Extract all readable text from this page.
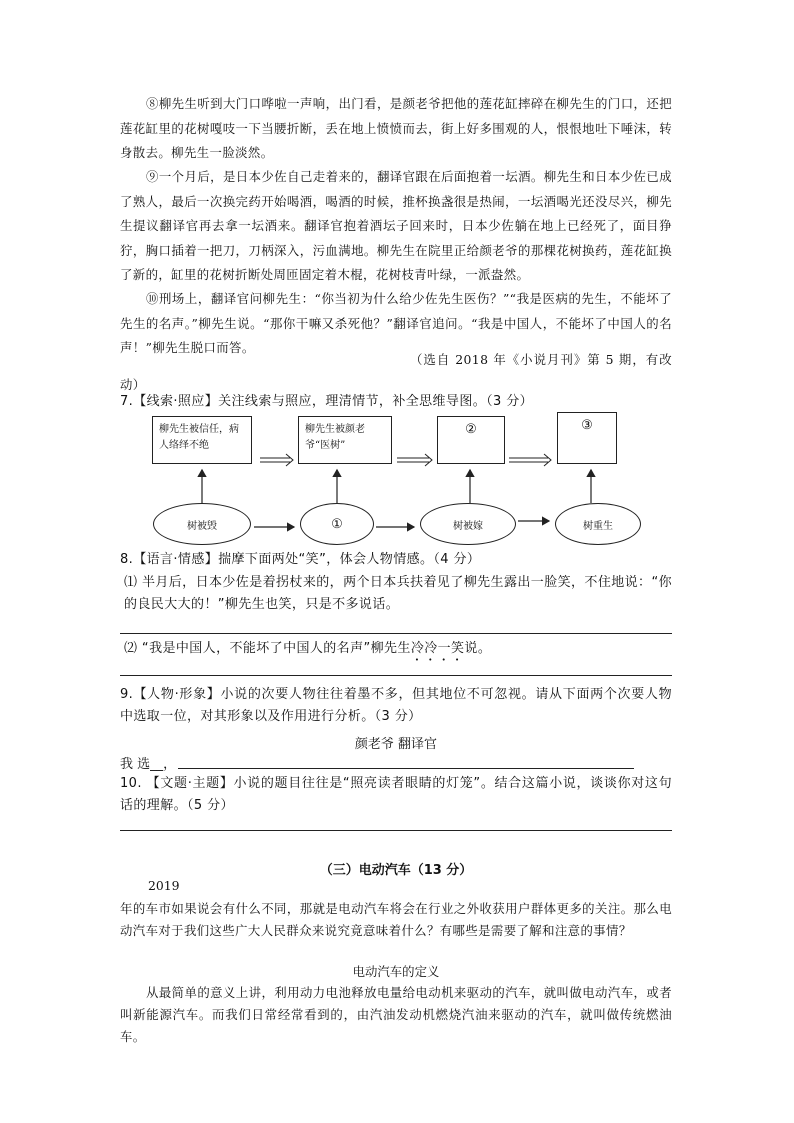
⑧柳先生听到大门口哗啦一声响，出门看，是颜老爷把他的莲花缸摔碎在柳先生的门口，还把莲花缸里的花树嘎吱一下当腰折断，丢在地上愤愤而去，街上好多围观的人，恨恨地吐下唾沫，转身散去。柳先生一脸淡然。

⑨一个月后，是日本少佐自己走着来的，翻译官跟在后面抱着一坛酒。柳先生和日本少佐已成了熟人，最后一次换完药开始喝酒，喝酒的时候，推杯换盏很是热闹，一坛酒喝光还没尽兴，柳先生提议翻译官再去拿一坛酒来。翻译官抱着酒坛子回来时，日本少佐躺在地上已经死了，面目狰狞，胸口插着一把刀，刀柄深入，污血满地。柳先生在院里正给颜老爷的那棵花树换药，莲花缸换了新的，缸里的花树折断处周匝固定着木棍，花树枝青叶绿，一派盎然。

⑩刑场上，翻译官问柳先生：“你当初为什么给少佐先生医伤？”“我是医病的先生，不能坏了先生的名声。”柳先生说。“那你干嘛又杀死他？”翻译官追问。“我是中国人，不能坏了中国人的名声！”柳先生脱口而答。

（选自 2018 年《小说月刊》第 5 期，有改动）

7.【线索·照应】关注线索与照应，理清情节，补全思维导图。（3 分）

柳先生被信任，病人络绎不绝
柳先生被颜老爷“医树”
②	③
树被毁	①	树被嫁	树重生

8.【语言·情感】揣摩下面两处“笑”，体会人物情感。（4 分）

⑴ 半月后，日本少佐是着拐杖来的，两个日本兵扶着见了柳先生露出一脸笑，不住地说：“你的良民大大的！”柳先生也笑，只是不多说话。

⑵ “我是中国人，不能坏了中国人的名声”柳先生冷冷一笑说。

9.【人物·形象】小说的次要人物往往着墨不多，但其地位不可忽视。请从下面两个次要人物中选取一位，对其形象以及作用进行分析。（3 分）

颜老爷 翻译官

我 选__，

10. 【文题·主题】小说的题目往往是“照亮读者眼睛的灯笼”。结合这篇小说，谈谈你对这句话的理解。（5 分）

（三）电动汽车（13 分）

2019

年的车市如果说会有什么不同，那就是电动汽车将会在行业之外收获用户群体更多的关注。那么电动汽车对于我们这些广大人民群众来说究竟意味着什么？有哪些是需要了解和注意的事情？

电动汽车的定义

从最简单的意义上讲，利用动力电池释放电量给电动机来驱动的汽车，就叫做电动汽车，或者叫新能源汽车。而我们日常经常看到的，由汽油发动机燃烧汽油来驱动的汽车，就叫做传统燃油车。
